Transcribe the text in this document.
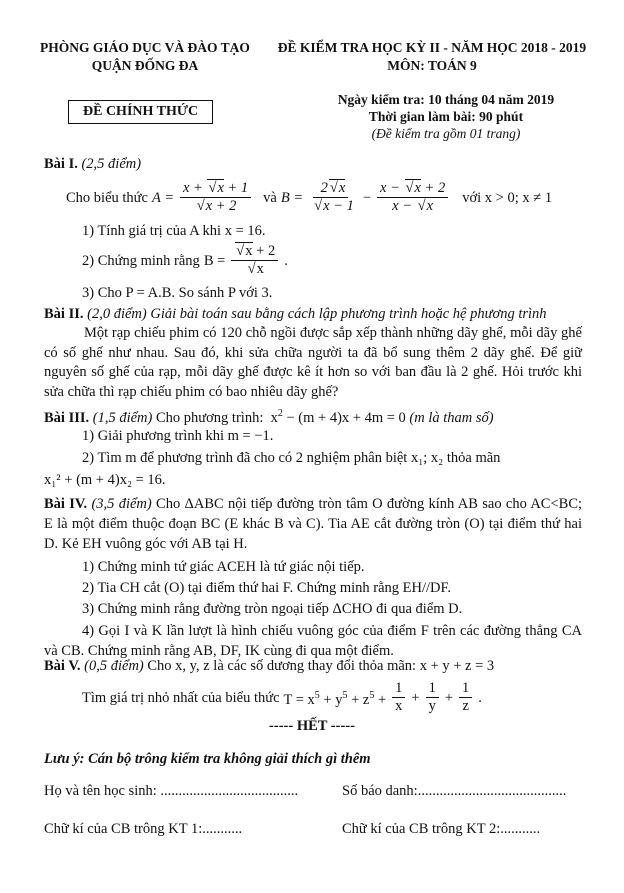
PHÒNG GIÁO DỤC VÀ ĐÀO TẠO
QUẬN ĐỐNG ĐA
ĐỀ KIỂM TRA HỌC KỲ II - NĂM HỌC 2018 - 2019
MÔN: TOÁN 9
ĐỀ CHÍNH THỨC
Ngày kiểm tra: 10 tháng 04 năm 2019
Thời gian làm bài: 90 phút
(Đề kiểm tra gồm 01 trang)
Bài I. (2,5 điểm)
Cho biểu thức A = x + √ x + 1
√ x + 2 và B = 2 √ x
√ $x - 1 - \frac{x - √ x + 2}{x - √ x}$ với x > 0; x ≠ 1
1) Tính giá trị của A khi x = 16.
2) Chứng minh rằng B = √ x + 2
√ x .
3) Cho P = A.B. So sánh P với 3.
Bài II. (2,0 điểm) Giải bài toán sau bằng cách lập phương trình hoặc hệ phương trình
Một rạp chiếu phim có 120 chỗ ngồi được sắp xếp thành những dãy ghế, mỗi dãy ghế có số ghế như nhau. Sau đó, khi sửa chữa người ta đã bổ sung thêm 2 dãy ghế. Để giữ nguyên số ghế của rạp, mỗi dãy ghế được kê ít hơn so với ban đầu là 2 ghế. Hỏi trước khi sửa chữa thì rạp chiếu phim có bao nhiêu dãy ghế?
Bài III. (1,5 điểm) Cho phương trình:  $x^2 - (m + 4)x + 4m = 0$ (m là tham số)
1) Giải phương trình khi m = −1.
2) Tìm m để phương trình đã cho có 2 nghiệm phân biệt x₁; x₂ thỏa mãn
x₁² + (m + 4)x₂ = 16.
Bài IV. (3,5 điểm) Cho ΔABC nội tiếp đường tròn tâm O đường kính AB sao cho AC<BC; E là một điểm thuộc đoạn BC (E khác B và C). Tia AE cắt đường tròn (O) tại điểm thứ hai D. Kẻ EH vuông góc với AB tại H.
1) Chứng minh tứ giác ACEH là tứ giác nội tiếp.
2) Tia CH cắt (O) tại điểm thứ hai F. Chứng minh rằng EH//DF.
3) Chứng minh rằng đường tròn ngoại tiếp ΔCHO đi qua điểm D.
4) Gọi I và K lần lượt là hình chiếu vuông góc của điểm F trên các đường thẳng CA và CB. Chứng minh rằng AB, DF, IK cùng đi qua một điểm.
Bài V. (0,5 điểm) Cho x, y, z là các số dương thay đổi thỏa mãn: x + y + z = 3
Tìm giá trị nhỏ nhất của biểu thức $T = x^5 + y^5 + z^5 + \frac{1}{x} + \frac{1}{y} + \frac{1}{z}$ .
----- HẾT -----
Lưu ý: Cán bộ trông kiểm tra không giải thích gì thêm
Họ và tên học sinh: ......................................	Số báo danh:.........................................
Chữ kí của CB trông KT 1:...........	Chữ kí của CB trông KT 2:...........
